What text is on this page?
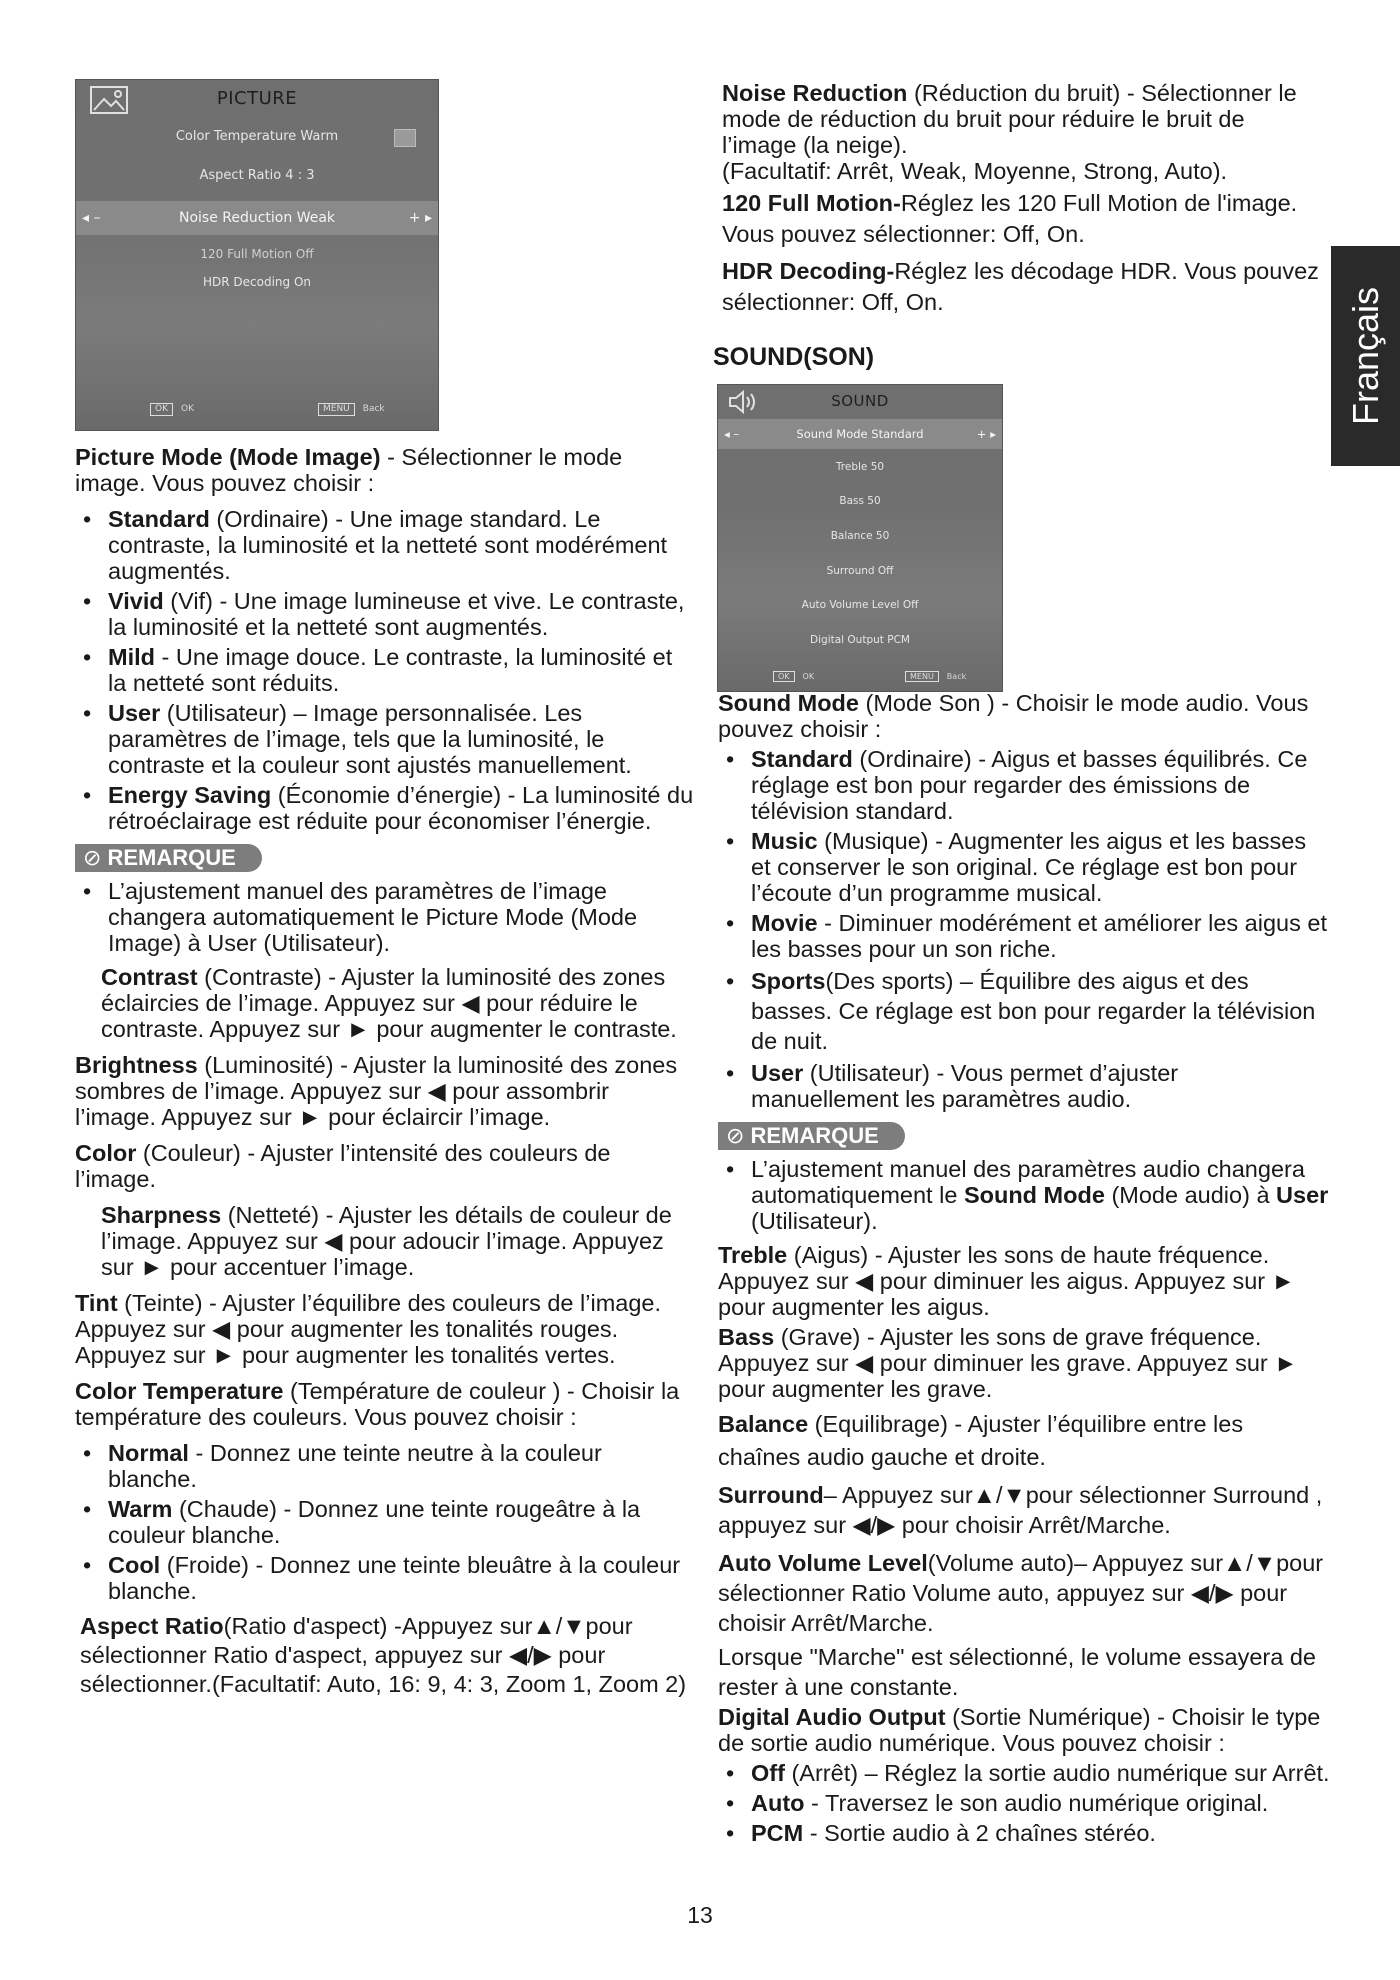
PICTURE
Color Temperature Warm
Aspect Ratio 4 : 3
◂ –	Noise Reduction Weak	+ ▸
120 Full Motion Off
HDR Decoding On
OK OK	MENU Back	SOUND
◂ –	Sound Mode Standard	+ ▸
Treble 50
Bass 50
Balance 50
Surround Off
Auto Volume Level Off
Digital Output PCM
OK OK	MENU Back
Français

Picture Mode (Mode Image) - Sélectionner le mode image. Vous pouvez choisir :

• Standard (Ordinaire) - Une image standard. Le contraste, la luminosité et la netteté sont modérément augmentés.
• Vivid (Vif) - Une image lumineuse et vive. Le contraste, la luminosité et la netteté sont augmentés.
• Mild - Une image douce. Le contraste, la luminosité et la netteté sont réduits.
• User (Utilisateur) – Image personnalisée. Les paramètres de l’image, tels que la luminosité, le contraste et la couleur sont ajustés manuellement.
• Energy Saving (Économie d’énergie) - La luminosité du rétroéclairage est réduite pour économiser l’énergie.
⊘ REMARQUE
• L’ajustement manuel des paramètres de l’image changera automatiquement le Picture Mode (Mode Image) à User (Utilisateur).

Contrast (Contraste) - Ajuster la luminosité des zones éclaircies de l’image. Appuyez sur ◀ pour réduire le contraste. Appuyez sur ► pour augmenter le contraste.

Brightness (Luminosité) - Ajuster la luminosité des zones sombres de l’image. Appuyez sur ◀ pour assombrir l’image. Appuyez sur ► pour éclaircir l’image.

Color (Couleur) - Ajuster l’intensité des couleurs de l’image.

Sharpness (Netteté) - Ajuster les détails de couleur de l’image. Appuyez sur ◀ pour adoucir l’image. Appuyez sur ► pour accentuer l’image.

Tint (Teinte) - Ajuster l’équilibre des couleurs de l’image. Appuyez sur ◀ pour augmenter les tonalités rouges. Appuyez sur ► pour augmenter les tonalités vertes.

Color Temperature (Température de couleur ) - Choisir la température des couleurs. Vous pouvez choisir :

• Normal - Donnez une teinte neutre à la couleur blanche.
• Warm (Chaude) - Donnez une teinte rougeâtre à la couleur blanche.
• Cool (Froide) - Donnez une teinte bleuâtre à la couleur blanche.

Aspect Ratio(Ratio d'aspect) -Appuyez sur▲/▼pour sélectionner Ratio d'aspect, appuyez sur ◀/▶ pour sélectionner.(Facultatif: Auto, 16: 9, 4: 3, Zoom 1, Zoom 2)

Noise Reduction (Réduction du bruit) - Sélectionner le mode de réduction du bruit pour réduire le bruit de l’image (la neige).
(Facultatif: Arrêt, Weak, Moyenne, Strong, Auto).

120 Full Motion-Réglez les 120 Full Motion de l'image. Vous pouvez sélectionner: Off, On.

HDR Decoding-Réglez les décodage HDR. Vous pouvez sélectionner: Off, On.

SOUND(SON)

Sound Mode (Mode Son ) - Choisir le mode audio. Vous pouvez choisir :

• Standard (Ordinaire) - Aigus et basses équilibrés. Ce réglage est bon pour regarder des émissions de télévision standard.
• Music (Musique) - Augmenter les aigus et les basses et conserver le son original. Ce réglage est bon pour l’écoute d’un programme musical.
• Movie - Diminuer modérément et améliorer les aigus et les basses pour un son riche.
• Sports(Des sports) – Équilibre des aigus et des basses. Ce réglage est bon pour regarder la télévision de nuit.
• User (Utilisateur) - Vous permet d’ajuster manuellement les paramètres audio.
⊘ REMARQUE
• L’ajustement manuel des paramètres audio changera automatiquement le Sound Mode (Mode audio) à User (Utilisateur).

Treble (Aigus) - Ajuster les sons de haute fréquence. Appuyez sur ◀ pour diminuer les aigus. Appuyez sur ► pour augmenter les aigus.

Bass (Grave) - Ajuster les sons de grave fréquence. Appuyez sur ◀ pour diminuer les grave. Appuyez sur ► pour augmenter les grave.

Balance (Equilibrage) - Ajuster l’équilibre entre les chaînes audio gauche et droite.

Surround– Appuyez sur▲/▼pour sélectionner Surround , appuyez sur ◀/▶ pour choisir Arrêt/Marche.

Auto Volume Level(Volume auto)– Appuyez sur▲/▼pour sélectionner Ratio Volume auto, appuyez sur ◀/▶ pour choisir Arrêt/Marche.

Lorsque "Marche" est sélectionné, le volume essayera de rester à une constante.

Digital Audio Output (Sortie Numérique) - Choisir le type de sortie audio numérique. Vous pouvez choisir :

• Off (Arrêt) – Réglez la sortie audio numérique sur Arrêt.
• Auto - Traversez le son audio numérique original.
• PCM - Sortie audio à 2 chaînes stéréo.
13
